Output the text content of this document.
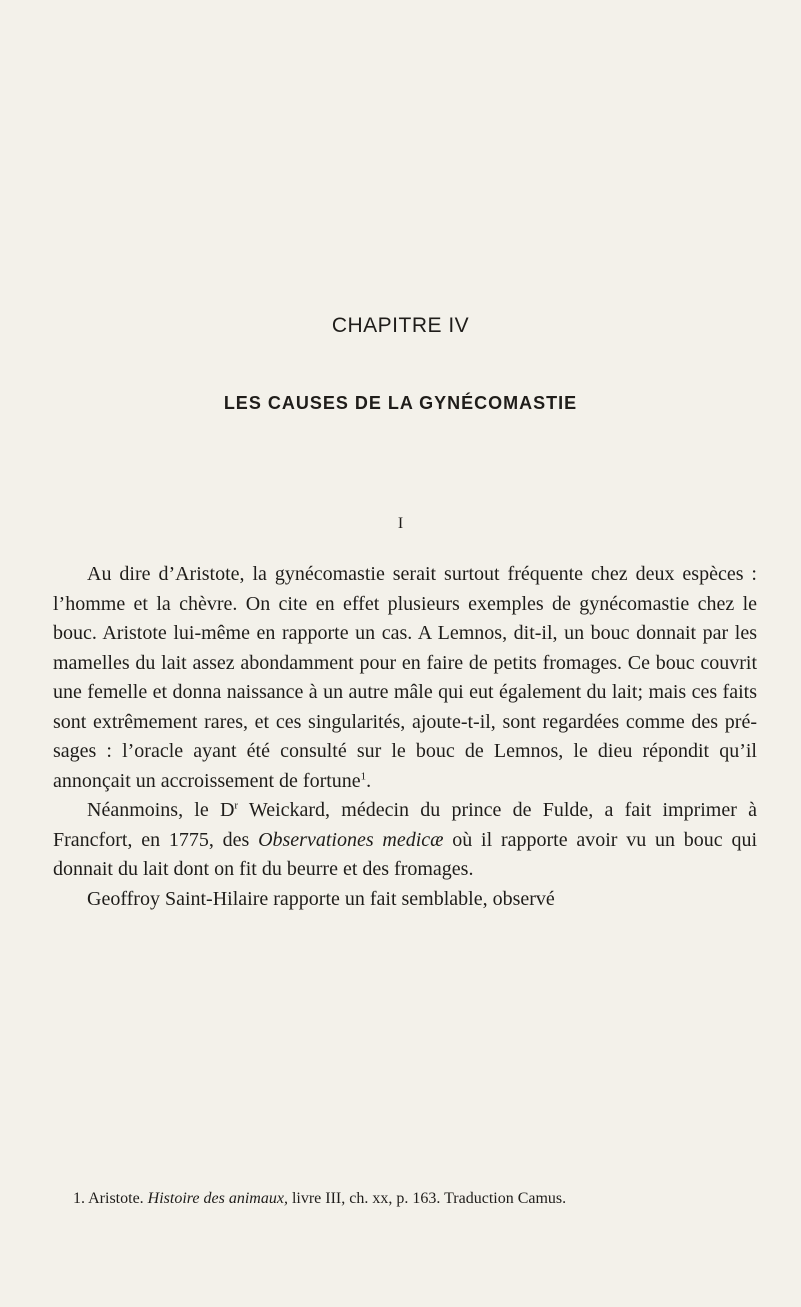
CHAPITRE IV
LES CAUSES DE LA GYNÉCOMASTIE
I

Au dire d’Aristote, la gynécomastie serait surtout fréquente chez deux espèces : l’homme et la chèvre. On cite en effet plusieurs exemples de gynécomastie chez le bouc. Aristote lui-même en rapporte un cas. A Lemnos, dit-il, un bouc donnait par les mamelles du lait assez abondamment pour en faire de petits fromages. Ce bouc couvrit une femelle et donna naissance à un autre mâle qui eut également du lait; mais ces faits sont extrêmement rares, et ces singularités, ajoute-t-il, sont regardées comme des présages : l’oracle ayant été consulté sur le bouc de Lemnos, le dieu répondit qu’il annonçait un accroissement de fortune$^1$.

Néanmoins, le $D^r$ Weickard, médecin du prince de Fulde, a fait imprimer à Francfort, en 1775, des Observationes medicæ où il rapporte avoir vu un bouc qui donnait du lait dont on fit du beurre et des fromages.

Geoffroy Saint-Hilaire rapporte un fait semblable, observé

1. Aristote. Histoire des animaux, livre III, ch. xx, p. 163. Traduction Camus.
